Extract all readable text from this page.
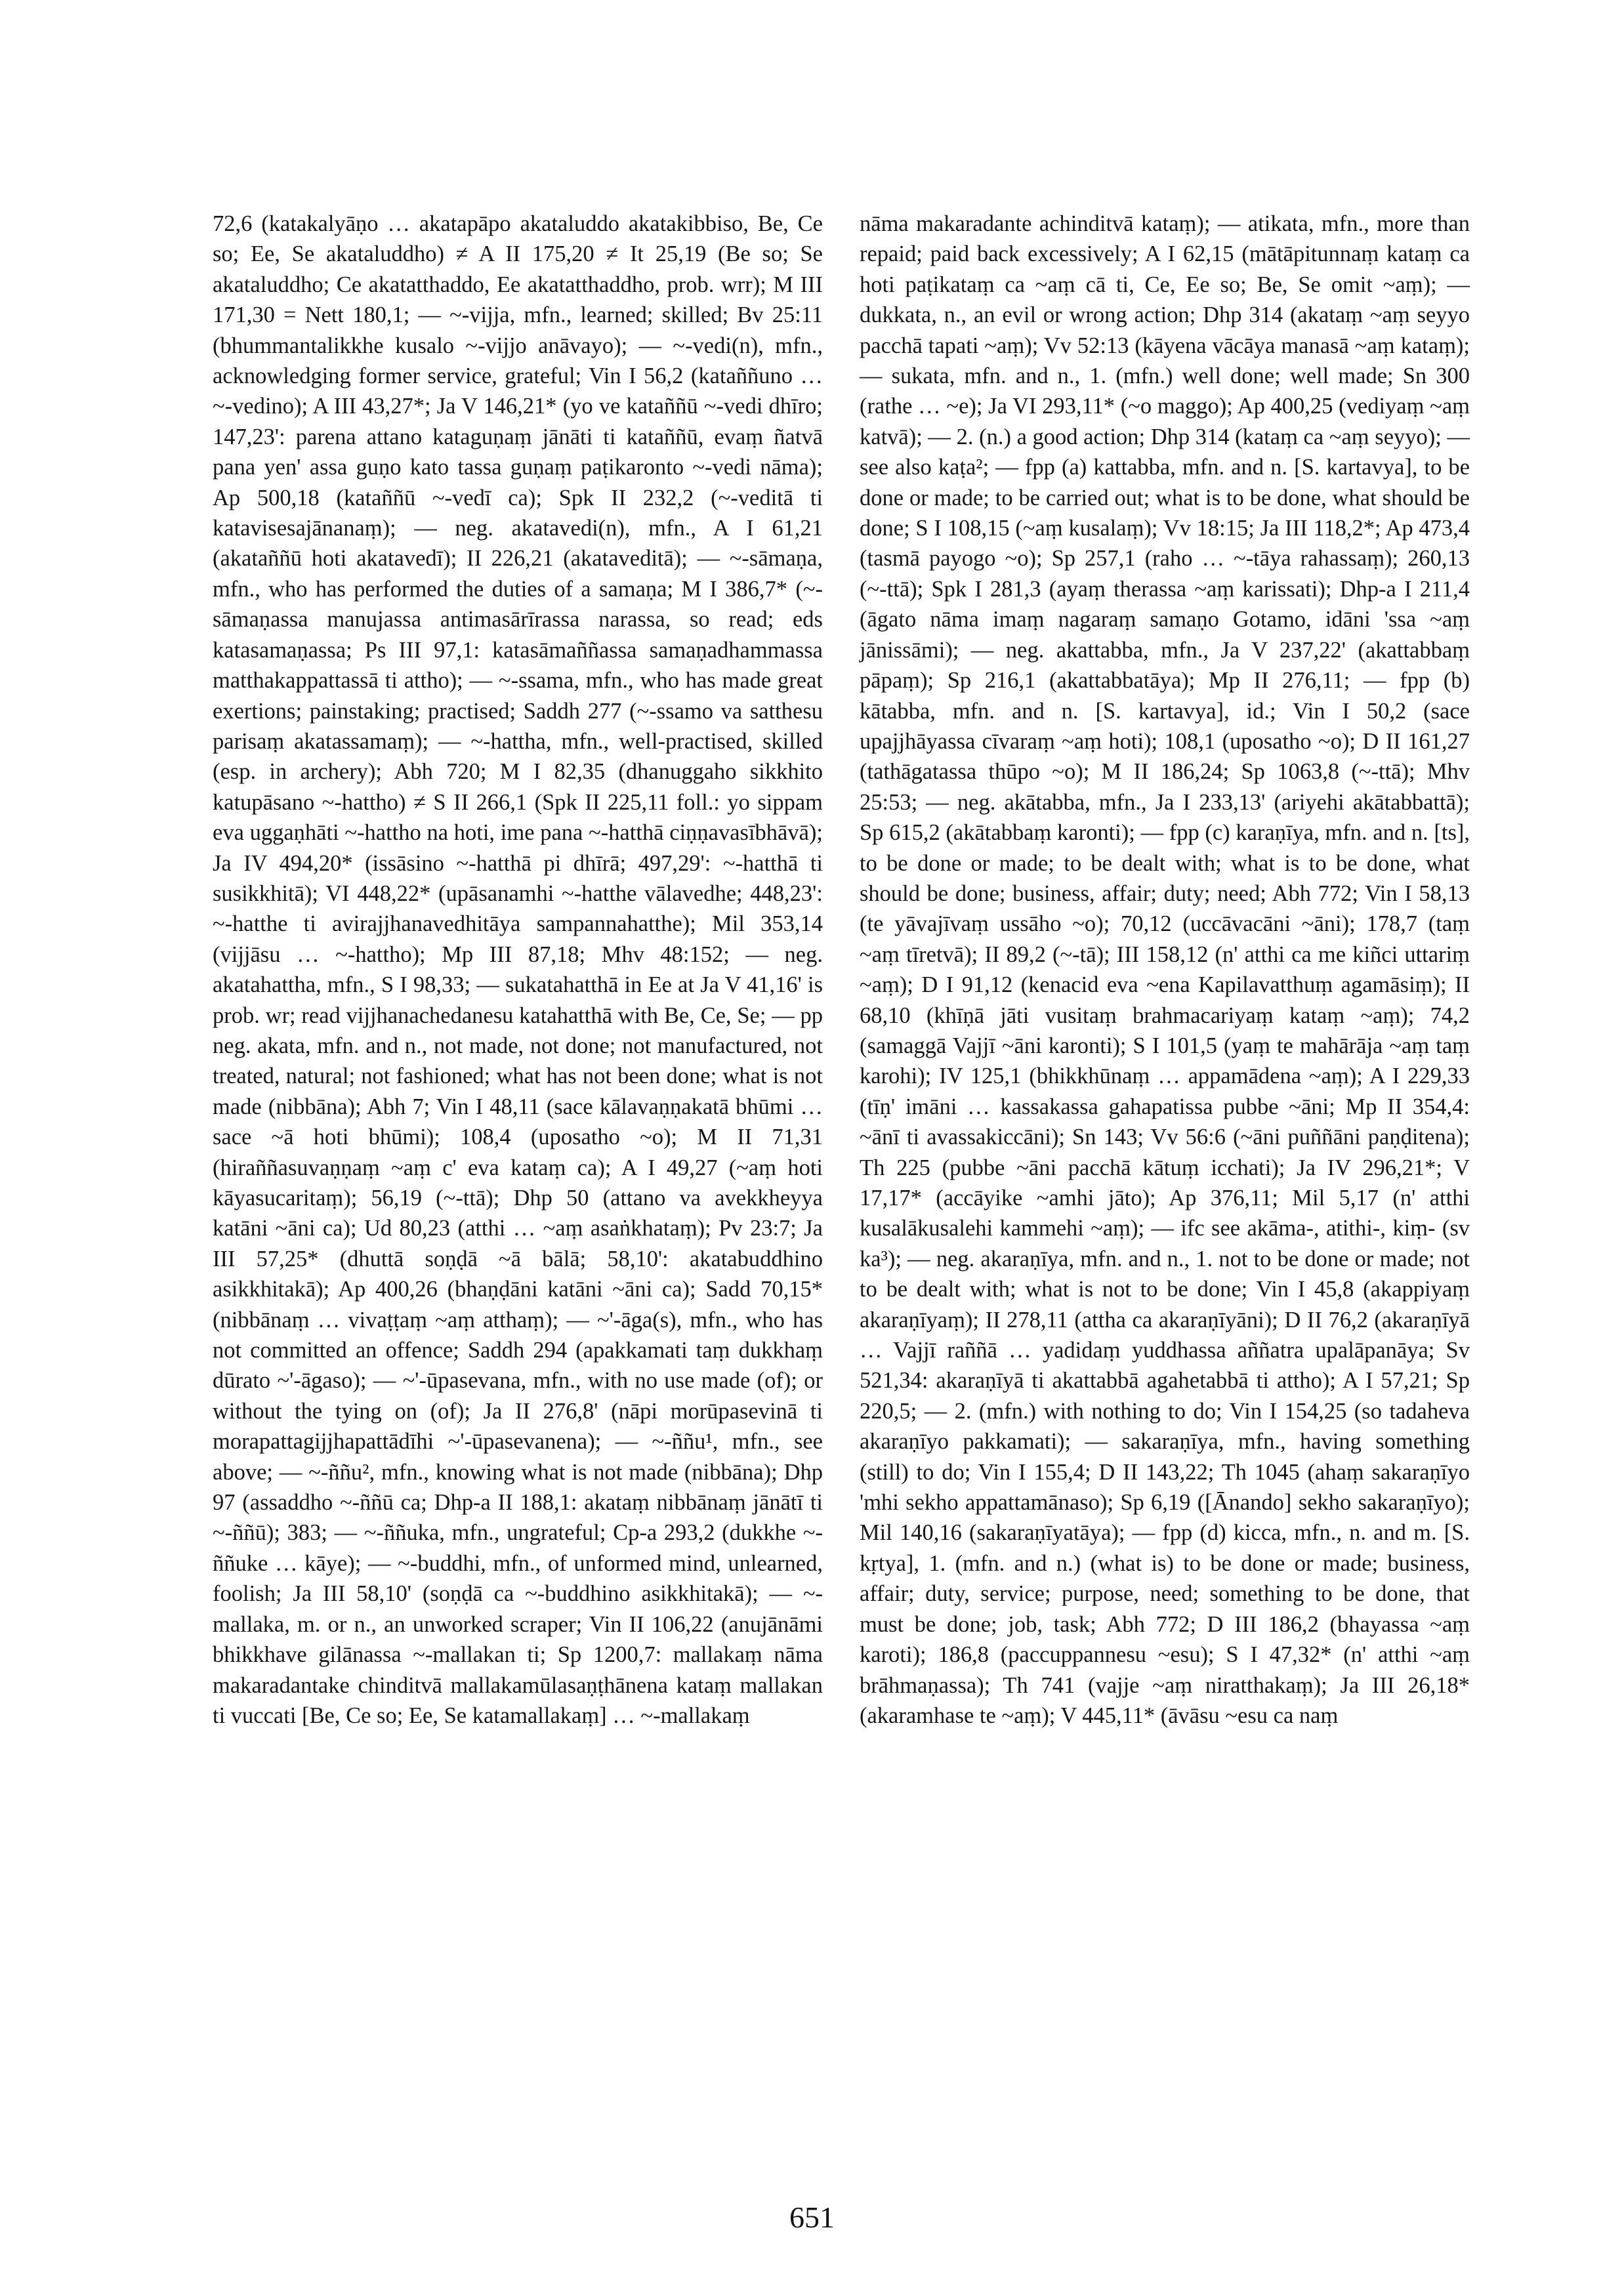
72,6 (katakalyāṇo … akatapāpo akataluddo akatakibbiso, Be, Ce so; Ee, Se akataluddho) ≠ A II 175,20 ≠ It 25,19 (Be so; Se akataluddho; Ce akatatthaddo, Ee akatatthaddho, prob. wrr); M III 171,30 = Nett 180,1; — ~-vijja, mfn., learned; skilled; Bv 25:11 (bhummantalikkhe kusalo ~-vijjo anāvayo); — ~-vedi(n), mfn., acknowledging former service, grateful; Vin I 56,2 (kataññuno … ~-vedino); A III 43,27*; Ja V 146,21* (yo ve kataññū ~-vedi dhīro; 147,23': parena attano kataguṇaṃ jānāti ti kataññū, evaṃ ñatvā pana yen' assa guṇo kato tassa guṇaṃ paṭikaronto ~-vedi nāma); Ap 500,18 (kataññū ~-vedī ca); Spk II 232,2 (~-veditā ti katavisesajānanaṃ); — neg. akatavedi(n), mfn., A I 61,21 (akataññū hoti akatavedī); II 226,21 (akataveditā); — ~-sāmaṇa, mfn., who has performed the duties of a samaṇa; M I 386,7* (~-sāmaṇassa manujassa antimasārīrassa narassa, so read; eds katasamaṇassa; Ps III 97,1: katasāmaññassa samaṇadhammassa matthakappattassā ti attho); — ~-ssama, mfn., who has made great exertions; painstaking; practised; Saddh 277 (~-ssamo va satthesu parisaṃ akatassamaṃ); — ~-hattha, mfn., well-practised, skilled (esp. in archery); Abh 720; M I 82,35 (dhanuggaho sikkhito katupāsano ~-hattho) ≠ S II 266,1 (Spk II 225,11 foll.: yo sippam eva uggaṇhāti ~-hattho na hoti, ime pana ~-hatthā ciṇṇavasībhāvā); Ja IV 494,20* (issāsino ~-hatthā pi dhīrā; 497,29': ~-hatthā ti susikkhitā); VI 448,22* (upāsanamhi ~-hatthe vālavedhe; 448,23': ~-hatthe ti avirajjhanavedhitāya sampannahatthe); Mil 353,14 (vijjāsu … ~-hattho); Mp III 87,18; Mhv 48:152; — neg. akatahattha, mfn., S I 98,33; — sukatahatthā in Ee at Ja V 41,16' is prob. wr; read vijjhanachedanesu katahatthā with Be, Ce, Se; — pp neg. akata, mfn. and n., not made, not done; not manufactured, not treated, natural; not fashioned; what has not been done; what is not made (nibbāna); Abh 7; Vin I 48,11 (sace kālavaṇṇakatā bhūmi … sace ~ā hoti bhūmi); 108,4 (uposatho ~o); M II 71,31 (hiraññasuvaṇṇaṃ ~aṃ c' eva kataṃ ca); A I 49,27 (~aṃ hoti kāyasucaritaṃ); 56,19 (~-ttā); Dhp 50 (attano va avekkheyya katāni ~āni ca); Ud 80,23 (atthi … ~aṃ asaṅkhataṃ); Pv 23:7; Ja III 57,25* (dhuttā soṇḍā ~ā bālā; 58,10': akatabuddhino asikkhitakā); Ap 400,26 (bhaṇḍāni katāni ~āni ca); Sadd 70,15* (nibbānaṃ … vivaṭṭaṃ ~aṃ atthaṃ); — ~'-āga(s), mfn., who has not committed an offence; Saddh 294 (apakkamati taṃ dukkhaṃ dūrato ~'-āgaso); — ~'-ūpasevana, mfn., with no use made (of); or without the tying on (of); Ja II 276,8' (nāpi morūpasevinā ti morapattagijjhapattādīhi ~'-ūpasevanena); — ~-ññu¹, mfn., see above; — ~-ññu², mfn., knowing what is not made (nibbāna); Dhp 97 (assaddho ~-ññū ca; Dhp-a II 188,1: akataṃ nibbānaṃ jānātī ti ~-ññū); 383; — ~-ññuka, mfn., ungrateful; Cp-a 293,2 (dukkhe ~-ññuke … kāye); — ~-buddhi, mfn., of unformed mind, unlearned, foolish; Ja III 58,10' (soṇḍā ca ~-buddhino asikkhitakā); — ~-mallaka, m. or n., an unworked scraper; Vin II 106,22 (anujānāmi bhikkhave gilānassa ~-mallakan ti; Sp 1200,7: mallakaṃ nāma makaradantake chinditvā mallakamūlasaṇṭhānena kataṃ mallakan ti vuccati [Be, Ce so; Ee, Se katamallakaṃ] … ~-mallakaṃ

nāma makaradante achinditvā kataṃ); — atikata, mfn., more than repaid; paid back excessively; A I 62,15 (mātāpitunnaṃ kataṃ ca hoti paṭikataṃ ca ~aṃ cā ti, Ce, Ee so; Be, Se omit ~aṃ); — dukkata, n., an evil or wrong action; Dhp 314 (akataṃ ~aṃ seyyo pacchā tapati ~aṃ); Vv 52:13 (kāyena vācāya manasā ~aṃ kataṃ); — sukata, mfn. and n., 1. (mfn.) well done; well made; Sn 300 (rathe … ~e); Ja VI 293,11* (~o maggo); Ap 400,25 (vediyaṃ ~aṃ katvā); — 2. (n.) a good action; Dhp 314 (kataṃ ca ~aṃ seyyo); — see also kaṭa²; — fpp (a) kattabba, mfn. and n. [S. kartavya], to be done or made; to be carried out; what is to be done, what should be done; S I 108,15 (~aṃ kusalaṃ); Vv 18:15; Ja III 118,2*; Ap 473,4 (tasmā payogo ~o); Sp 257,1 (raho … ~-tāya rahassaṃ); 260,13 (~-ttā); Spk I 281,3 (ayaṃ therassa ~aṃ karissati); Dhp-a I 211,4 (āgato nāma imaṃ nagaraṃ samaṇo Gotamo, idāni 'ssa ~aṃ jānissāmi); — neg. akattabba, mfn., Ja V 237,22' (akattabbaṃ pāpaṃ); Sp 216,1 (akattabbatāya); Mp II 276,11; — fpp (b) kātabba, mfn. and n. [S. kartavya], id.; Vin I 50,2 (sace upajjhāyassa cīvaraṃ ~aṃ hoti); 108,1 (uposatho ~o); D II 161,27 (tathāgatassa thūpo ~o); M II 186,24; Sp 1063,8 (~-ttā); Mhv 25:53; — neg. akātabba, mfn., Ja I 233,13' (ariyehi akātabbattā); Sp 615,2 (akātabbaṃ karonti); — fpp (c) karaṇīya, mfn. and n. [ts], to be done or made; to be dealt with; what is to be done, what should be done; business, affair; duty; need; Abh 772; Vin I 58,13 (te yāvajīvaṃ ussāho ~o); 70,12 (uccāvacāni ~āni); 178,7 (taṃ ~aṃ tīretvā); II 89,2 (~-tā); III 158,12 (n' atthi ca me kiñci uttariṃ ~aṃ); D I 91,12 (kenacid eva ~ena Kapilavatthuṃ agamāsiṃ); II 68,10 (khīṇā jāti vusitaṃ brahmacariyaṃ kataṃ ~aṃ); 74,2 (samaggā Vajjī ~āni karonti); S I 101,5 (yaṃ te mahārāja ~aṃ taṃ karohi); IV 125,1 (bhikkhūnaṃ … appamādena ~aṃ); A I 229,33 (tīṇ' imāni … kassakassa gahapatissa pubbe ~āni; Mp II 354,4: ~ānī ti avassakiccāni); Sn 143; Vv 56:6 (~āni puññāni paṇḍitena); Th 225 (pubbe ~āni pacchā kātuṃ icchati); Ja IV 296,21*; V 17,17* (accāyike ~amhi jāto); Ap 376,11; Mil 5,17 (n' atthi kusalākusalehi kammehi ~aṃ); — ifc see akāma-, atithi-, kiṃ- (sv ka³); — neg. akaraṇīya, mfn. and n., 1. not to be done or made; not to be dealt with; what is not to be done; Vin I 45,8 (akappiyaṃ akaraṇīyaṃ); II 278,11 (attha ca akaraṇīyāni); D II 76,2 (akaraṇīyā … Vajjī raññā … yadidaṃ yuddhassa aññatra upalāpanāya; Sv 521,34: akaraṇīyā ti akattabbā agahetabbā ti attho); A I 57,21; Sp 220,5; — 2. (mfn.) with nothing to do; Vin I 154,25 (so tadaheva akaraṇīyo pakkamati); — sakaraṇīya, mfn., having something (still) to do; Vin I 155,4; D II 143,22; Th 1045 (ahaṃ sakaraṇīyo 'mhi sekho appattamānaso); Sp 6,19 ([Ānando] sekho sakaraṇīyo); Mil 140,16 (sakaraṇīyatāya); — fpp (d) kicca, mfn., n. and m. [S. kṛtya], 1. (mfn. and n.) (what is) to be done or made; business, affair; duty, service; purpose, need; something to be done, that must be done; job, task; Abh 772; D III 186,2 (bhayassa ~aṃ karoti); 186,8 (paccuppannesu ~esu); S I 47,32* (n' atthi ~aṃ brāhmaṇassa); Th 741 (vajje ~aṃ niratthakaṃ); Ja III 26,18* (akaramhase te ~aṃ); V 445,11* (āvāsu ~esu ca naṃ

651
